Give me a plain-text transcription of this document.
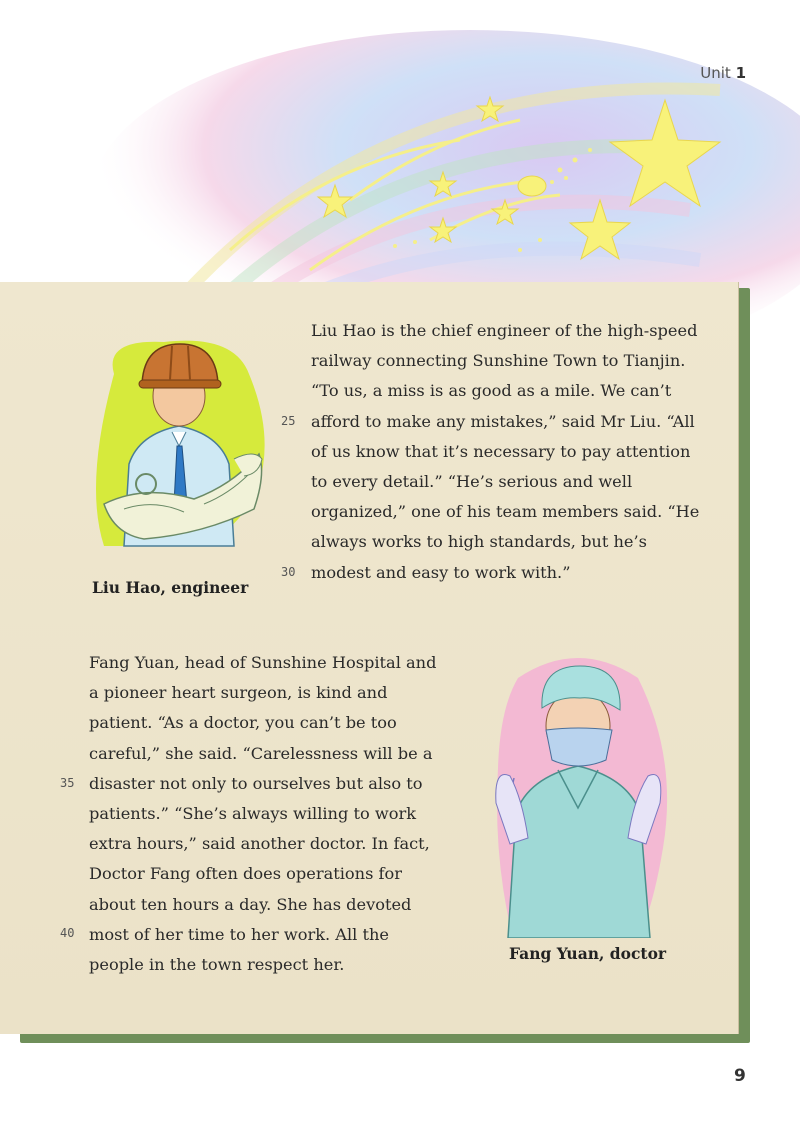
Unit 1
Liu Hao, engineer
Fang Yuan, doctor
Liu Hao is the chief engineer of the high-speed
railway connecting Sunshine Town to Tianjin.
“To us, a miss is as good as a mile. We can’t
afford to make any mistakes,” said Mr Liu. “All
of us know that it’s necessary to pay attention
to every detail.” “He’s serious and well
organized,” one of his team members said. “He
always works to high standards, but he’s
modest and easy to work with.”
Fang Yuan, head of Sunshine Hospital and
a pioneer heart surgeon, is kind and
patient. “As a doctor, you can’t be too
careful,” she said. “Carelessness will be a
disaster not only to ourselves but also to
patients.” “She’s always willing to work
extra hours,” said another doctor. In fact,
Doctor Fang often does operations for
about ten hours a day. She has devoted
most of her time to her work. All the
people in the town respect her.
25
30
35
40
9
